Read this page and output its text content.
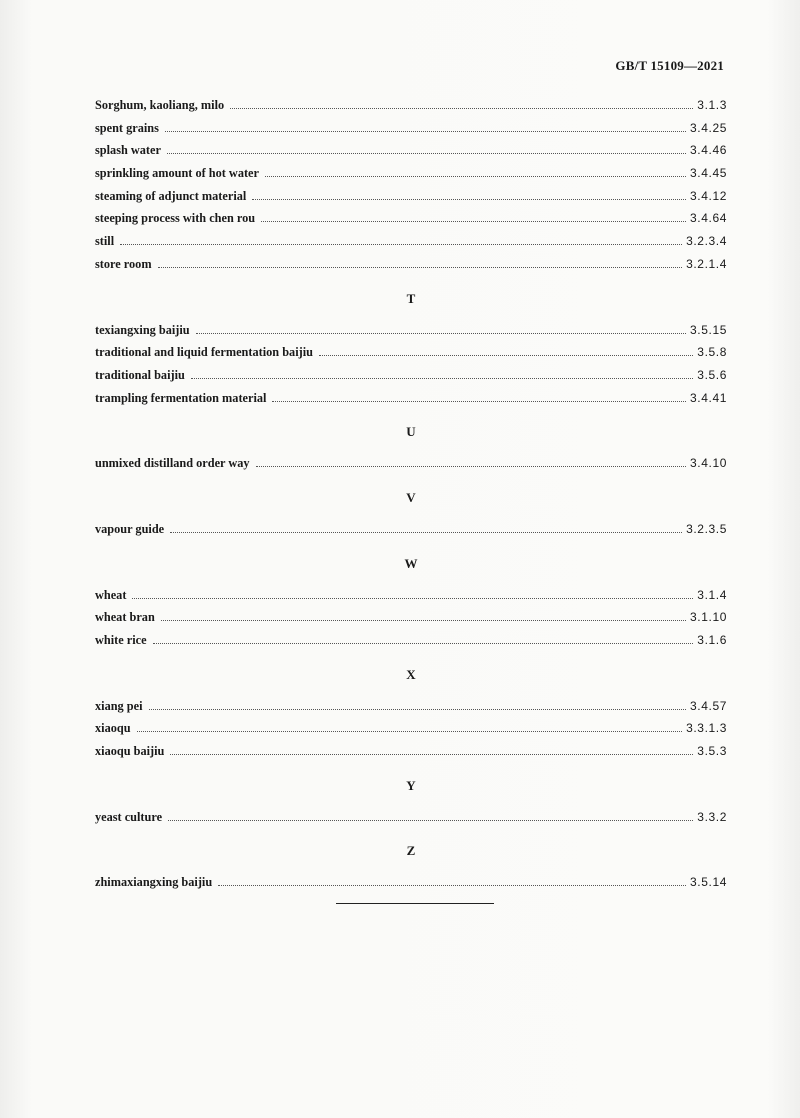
GB/T 15109—2021
Sorghum, kaoliang, milo	3.1.3
spent grains	3.4.25
splash water	3.4.46
sprinkling amount of hot water	3.4.45
steaming of adjunct material	3.4.12
steeping process with chen rou	3.4.64
still	3.2.3.4
store room	3.2.1.4
T
texiangxing baijiu	3.5.15
traditional and liquid fermentation baijiu	3.5.8
traditional baijiu	3.5.6
trampling fermentation material	3.4.41
U
unmixed distilland order way	3.4.10
V
vapour guide	3.2.3.5
W
wheat	3.1.4
wheat bran	3.1.10
white rice	3.1.6
X
xiang pei	3.4.57
xiaoqu	3.3.1.3
xiaoqu baijiu	3.5.3
Y
yeast culture	3.3.2
Z
zhimaxiangxing baijiu	3.5.14
